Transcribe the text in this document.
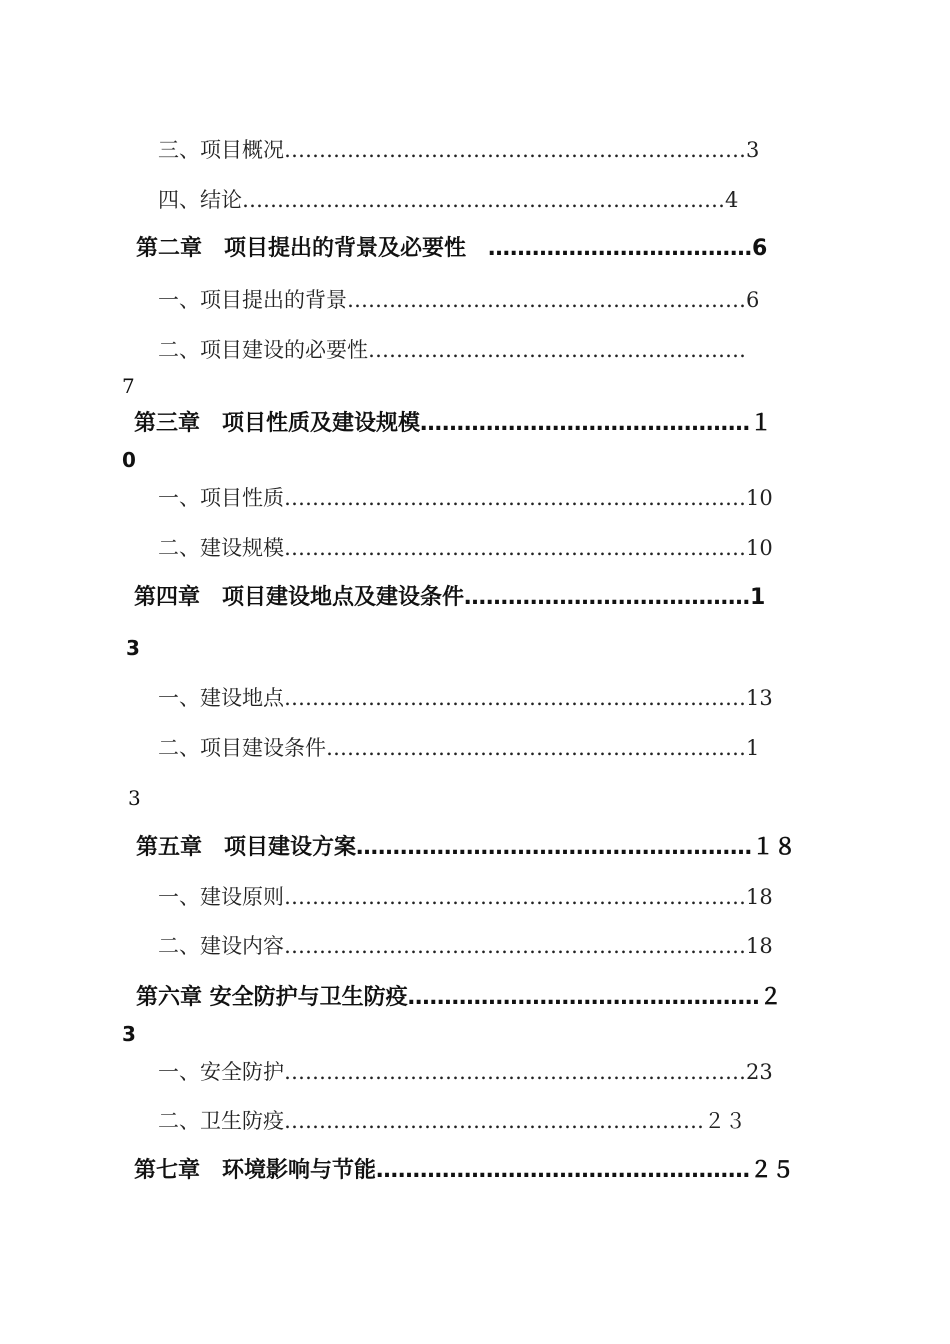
三、项目概况…………………………………………………………3
四、结论……………………………………………………………4
第二章　项目提出的背景及必要性　………………………………6
一、项目提出的背景…………………………………………………6
二、项目建设的必要性………………………………………………
7
第三章　项目性质及建设规模………………………………………１
0
一、项目性质…………………………………………………………10
二、建设规模…………………………………………………………10
第四章　项目建设地点及建设条件…………………………………1
3
一、建设地点…………………………………………………………13
二、项目建设条件……………………………………………………1
3
第五章　项目建设方案………………………………………………１８
一、建设原则…………………………………………………………18
二、建设内容…………………………………………………………18
第六章 安全防护与卫生防疫…………………………………………２
3
一、安全防护…………………………………………………………23
二、卫生防疫……………………………………………………２３
第七章　环境影响与节能……………………………………………２５
